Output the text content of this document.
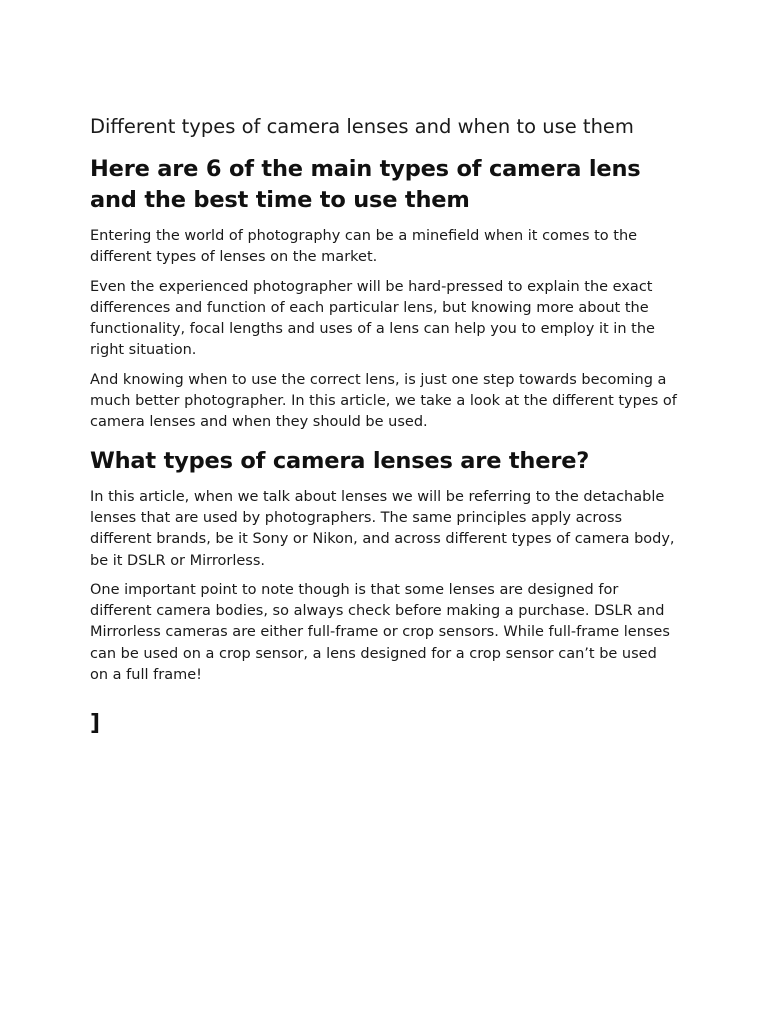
Different types of camera lenses and when to use them
Here are 6 of the main types of camera lens and the best time to use them

Entering the world of photography can be a minefield when it comes to the different types of lenses on the market.

Even the experienced photographer will be hard-pressed to explain the exact differences and function of each particular lens, but knowing more about the functionality, focal lengths and uses of a lens can help you to employ it in the right situation.

And knowing when to use the correct lens, is just one step towards becoming a much better photographer. In this article, we take a look at the different types of camera lenses and when they should be used.

What types of camera lenses are there?

In this article, when we talk about lenses we will be referring to the detachable lenses that are used by photographers. The same principles apply across different brands, be it Sony or Nikon, and across different types of camera body, be it DSLR or Mirrorless.

One important point to note though is that some lenses are designed for different camera bodies, so always check before making a purchase. DSLR and Mirrorless cameras are either full-frame or crop sensors. While full-frame lenses can be used on a crop sensor, a lens designed for a crop sensor can’t be used on a full frame!

]
